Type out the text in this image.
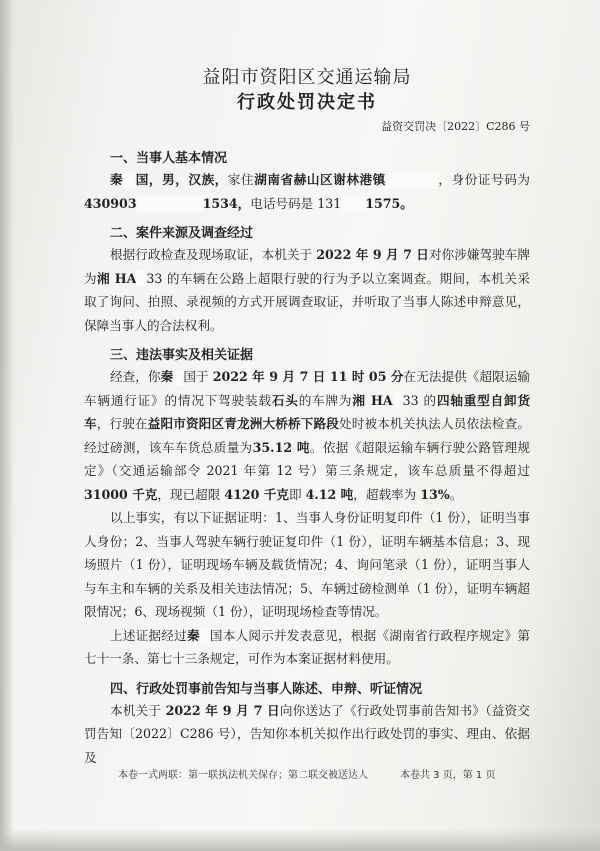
益阳市资阳区交通运输局

行政处罚决定书

益资交罚决〔2022〕C286 号

一、当事人基本情况

秦 国，男，汉族，家住湖南省赫山区谢林港镇	，身份证号码为430903	1534，电话号码是 131 1575。

二、案件来源及调查经过

根据行政检查及现场取证，本机关于 2022 年 9 月 7 日对你涉嫌驾驶车牌为湘 HA 33 的车辆在公路上超限行驶的行为予以立案调查。期间，本机关采取了询问、拍照、录视频的方式开展调查取证，并听取了当事人陈述申辩意见，保障当事人的合法权利。

三、违法事实及相关证据

经查，你秦 国于 2022 年 9 月 7 日 11 时 05 分在无法提供《超限运输车辆通行证》的情况下驾驶装载石头的车牌为湘 HA 33 的四轴重型自卸货车，行驶在益阳市资阳区青龙洲大桥桥下路段处时被本机关执法人员依法检查。经过磅测，该车车货总质量为35.12 吨。依据《超限运输车辆行驶公路管理规定》（交通运输部令 2021 年第 12 号）第三条规定，该车总质量不得超过 31000 千克，现已超限 4120 千克即 4.12 吨，超载率为 13%。

以上事实，有以下证据证明：1、当事人身份证明复印件（1 份），证明当事人身份；2、当事人驾驶车辆行驶证复印件（1 份），证明车辆基本信息；3、现场照片（1 份），证明现场车辆及载货情况；4、询问笔录（1 份），证明当事人与车主和车辆的关系及相关违法情况；5、车辆过磅检测单（1 份），证明车辆超限情况；6、现场视频（1 份），证明现场检查等情况。

上述证据经过秦 国本人阅示并发表意见，根据《湖南省行政程序规定》第七十一条、第七十三条规定，可作为本案证据材料使用。

四、行政处罚事前告知与当事人陈述、申辩、听证情况

本机关于 2022 年 9 月 7 日向你送达了《行政处罚事前告知书》（益资交罚告知〔2022〕C286 号），告知你本机关拟作出行政处罚的事实、理由、依据及

本卷一式两联：第一联执法机关保存；第二联交被送达人	本卷共 3 页，第 1 页
